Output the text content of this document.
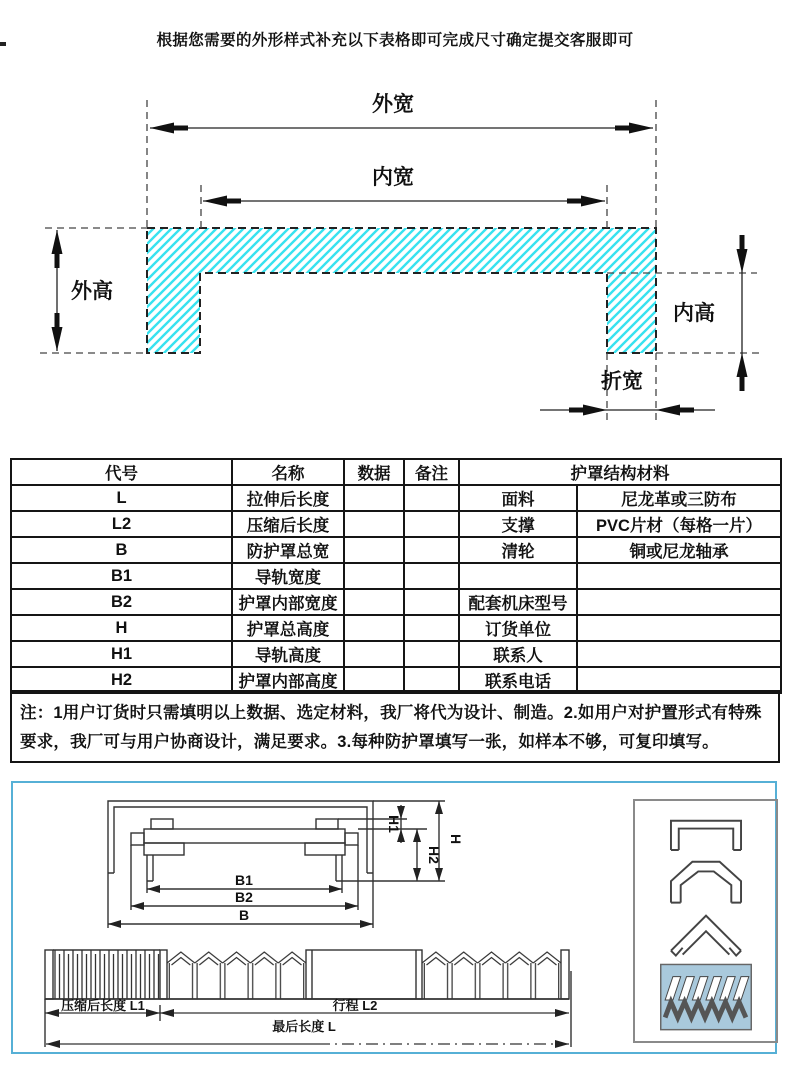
根据您需要的外形样式补充以下表格即可完成尺寸确定提交客服即可
外宽
内宽
外高
内高
折宽
代号	名称	数据	备注	护罩结构材料	
L	拉伸后长度			面料	尼龙革或三防布
L2	压缩后长度			支撑	PVC片材（每格一片）
B	防护罩总宽			清轮	铜或尼龙轴承
B1	导轨宽度				
B2	护罩内部宽度			配套机床型号	
H	护罩总高度			订货单位	
H1	导轨高度			联系人	
H2	护罩内部高度			联系电话	
注：1用户订货时只需填明以上数据、选定材料，我厂将代为设计、制造。2.如用户对护置形式有特殊要求，我厂可与用户协商设计，满足要求。3.每种防护罩填写一张，如样本不够，可复印填写。
B1
B2
B
H1
H2
H
压缩后长度 L1	行程 L2
最后长度 L
